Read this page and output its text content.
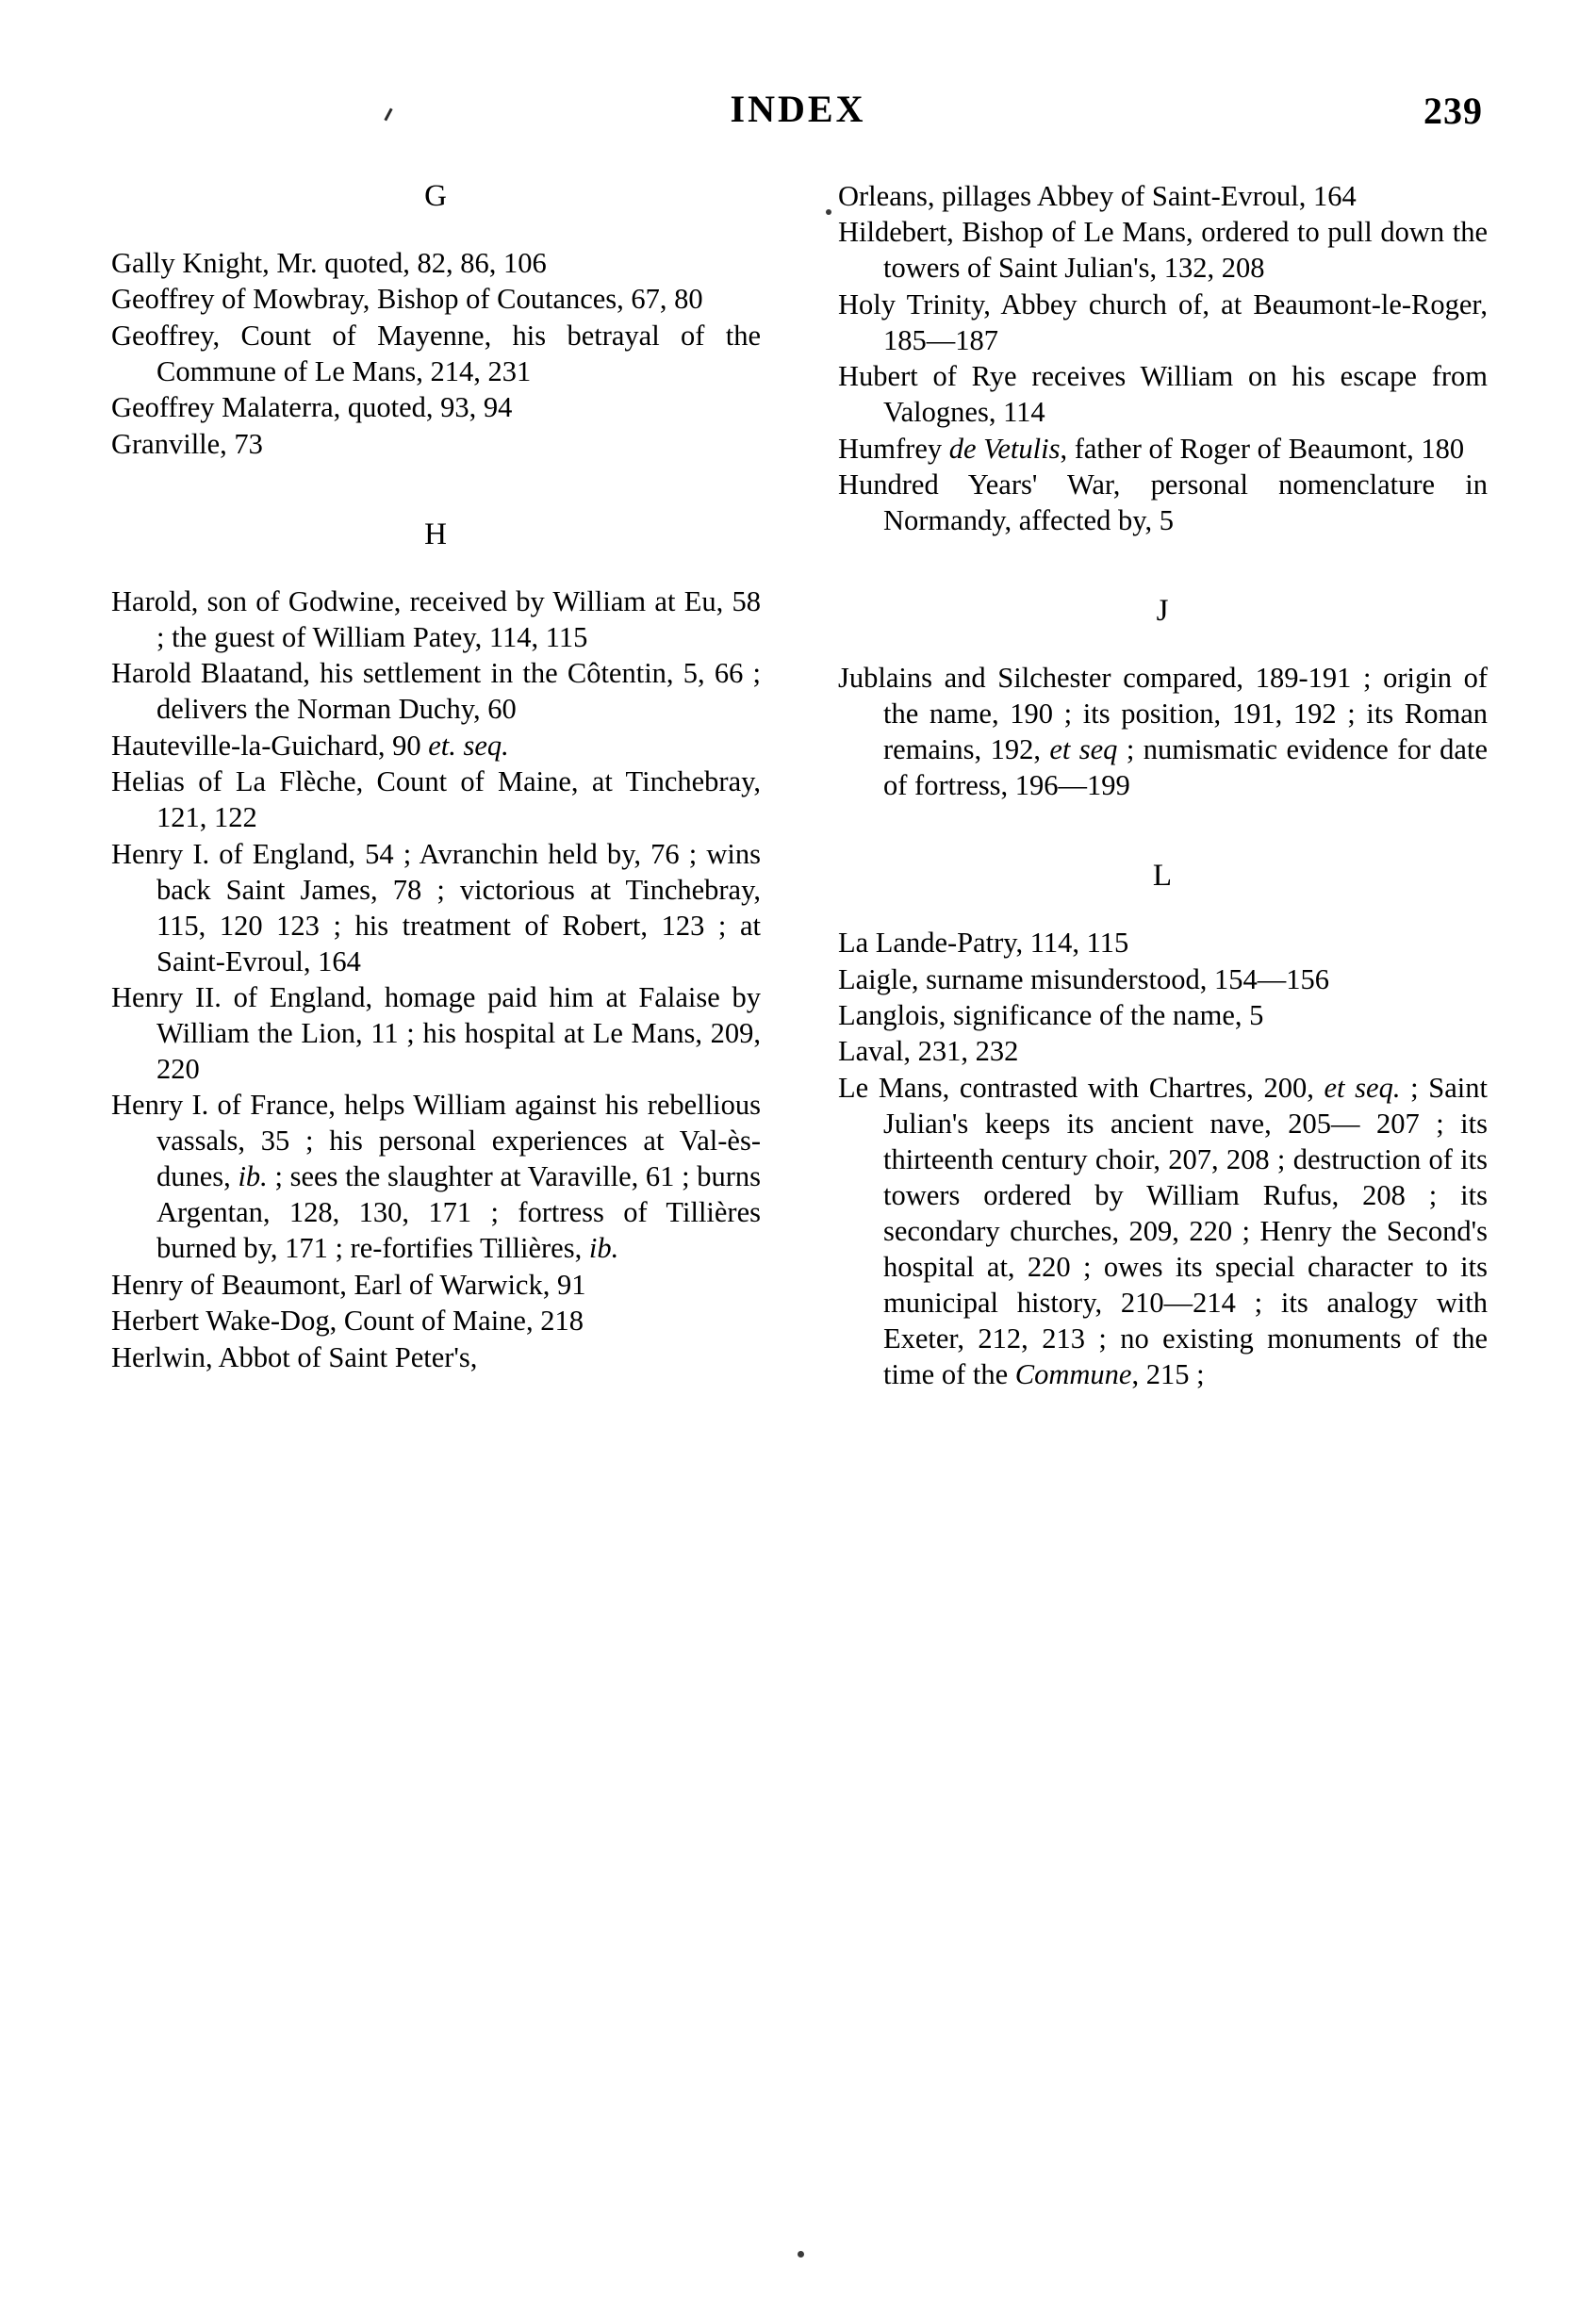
INDEX	239
G

Gally Knight, Mr. quoted, 82, 86, 106

Geoffrey of Mowbray, Bishop of Coutances, 67, 80

Geoffrey, Count of Mayenne, his betrayal of the Commune of Le Mans, 214, 231

Geoffrey Malaterra, quoted, 93, 94

Granville, 73

H

Harold, son of Godwine, received by William at Eu, 58 ; the guest of William Patey, 114, 115

Harold Blaatand, his settlement in the Côtentin, 5, 66 ; delivers the Norman Duchy, 60

Hauteville-la-Guichard, 90 et. seq.

Helias of La Flèche, Count of Maine, at Tinchebray, 121, 122

Henry I. of England, 54 ; Avranchin held by, 76 ; wins back Saint James, 78 ; victorious at Tinchebray, 115, 120 123 ; his treatment of Robert, 123 ; at Saint-Evroul, 164

Henry II. of England, homage paid him at Falaise by William the Lion, 11 ; his hospital at Le Mans, 209, 220

Henry I. of France, helps William against his rebellious vassals, 35 ; his personal experiences at Val-ès-dunes, ib. ; sees the slaughter at Varaville, 61 ; burns Argentan, 128, 130, 171 ; fortress of Tillières burned by, 171 ; re-fortifies Tillières, ib.

Henry of Beaumont, Earl of Warwick, 91

Herbert Wake-Dog, Count of Maine, 218

Herlwin, Abbot of Saint Peter's,

Orleans, pillages Abbey of Saint-Evroul, 164

Hildebert, Bishop of Le Mans, ordered to pull down the towers of Saint Julian's, 132, 208

Holy Trinity, Abbey church of, at Beaumont-le-Roger, 185—187

Hubert of Rye receives William on his escape from Valognes, 114

Humfrey de Vetulis, father of Roger of Beaumont, 180

Hundred Years' War, personal nomenclature in Normandy, affected by, 5

J

Jublains and Silchester compared, 189-191 ; origin of the name, 190 ; its position, 191, 192 ; its Roman remains, 192, et seq ; numismatic evidence for date of fortress, 196—199

L

La Lande-Patry, 114, 115

Laigle, surname misunderstood, 154—156

Langlois, significance of the name, 5

Laval, 231, 232

Le Mans, contrasted with Chartres, 200, et seq. ; Saint Julian's keeps its ancient nave, 205— 207 ; its thirteenth century choir, 207, 208 ; destruction of its towers ordered by William Rufus, 208 ; its secondary churches, 209, 220 ; Henry the Second's hospital at, 220 ; owes its special character to its municipal history, 210—214 ; its analogy with Exeter, 212, 213 ; no existing monuments of the time of the Commune, 215 ;
